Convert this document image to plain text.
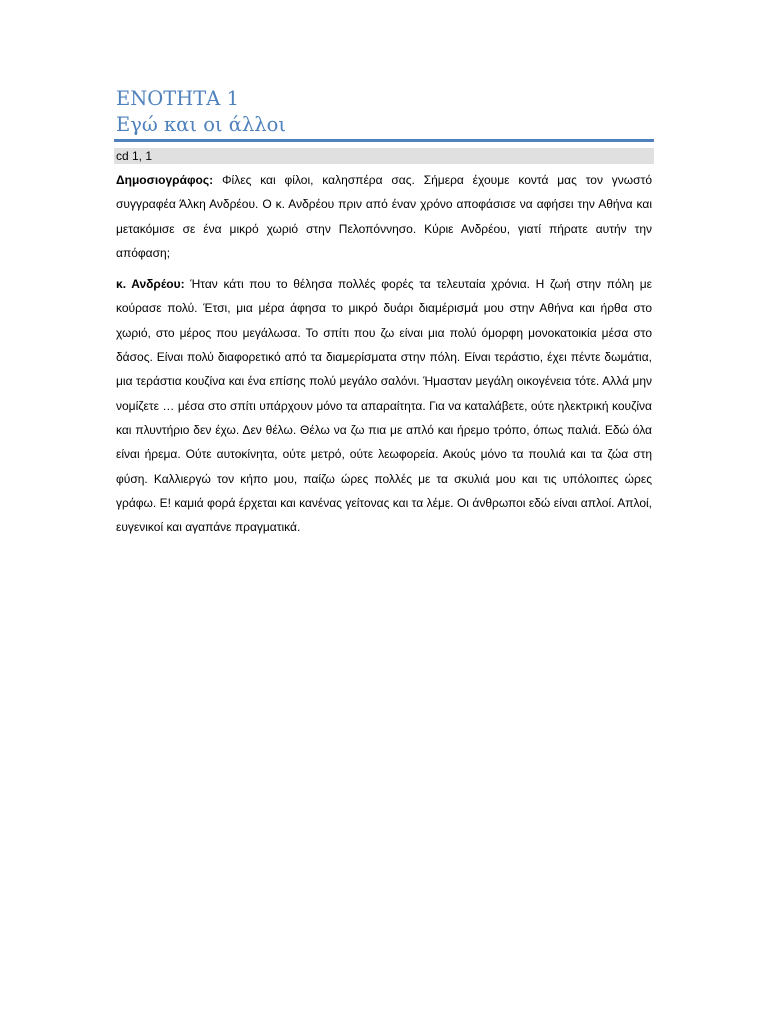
ΕΝΟΤΗΤΑ 1
Εγώ και οι άλλοι
cd 1, 1

Δημοσιογράφος: Φίλες και φίλοι, καλησπέρα σας. Σήμερα έχουμε κοντά μας τον γνωστό συγγραφέα Άλκη Ανδρέου. Ο κ. Ανδρέου πριν από έναν χρόνο αποφάσισε να αφήσει την Αθήνα και μετακόμισε σε ένα μικρό χωριό στην Πελοπόννησο. Κύριε Ανδρέου, γιατί πήρατε αυτήν την απόφαση;

κ. Ανδρέου: Ήταν κάτι που το θέλησα πολλές φορές τα τελευταία χρόνια. Η ζωή στην πόλη με κούρασε πολύ. Έτσι, μια μέρα άφησα το μικρό δυάρι διαμέρισμά μου στην Αθήνα και ήρθα στο χωριό, στο μέρος που μεγάλωσα. Το σπίτι που ζω είναι μια πολύ όμορφη μονοκατοικία μέσα στο δάσος. Είναι πολύ διαφορετικό από τα διαμερίσματα στην πόλη. Είναι τεράστιο, έχει πέντε δωμάτια, μια τεράστια κουζίνα και ένα επίσης πολύ μεγάλο σαλόνι. Ήμασταν μεγάλη οικογένεια τότε. Αλλά μην νομίζετε … μέσα στο σπίτι υπάρχουν μόνο τα απαραίτητα. Για να καταλάβετε, ούτε ηλεκτρική κουζίνα και πλυντήριο δεν έχω. Δεν θέλω. Θέλω να ζω πια με απλό και ήρεμο τρόπο, όπως παλιά. Εδώ όλα είναι ήρεμα. Ούτε αυτοκίνητα, ούτε μετρό, ούτε λεωφορεία. Ακούς μόνο τα πουλιά και τα ζώα στη φύση. Καλλιεργώ τον κήπο μου, παίζω ώρες πολλές με τα σκυλιά μου και τις υπόλοιπες ώρες γράφω. Ε! καμιά φορά έρχεται και κανένας γείτονας και τα λέμε. Οι άνθρωποι εδώ είναι απλοί. Απλοί, ευγενικοί και αγαπάνε πραγματικά.
